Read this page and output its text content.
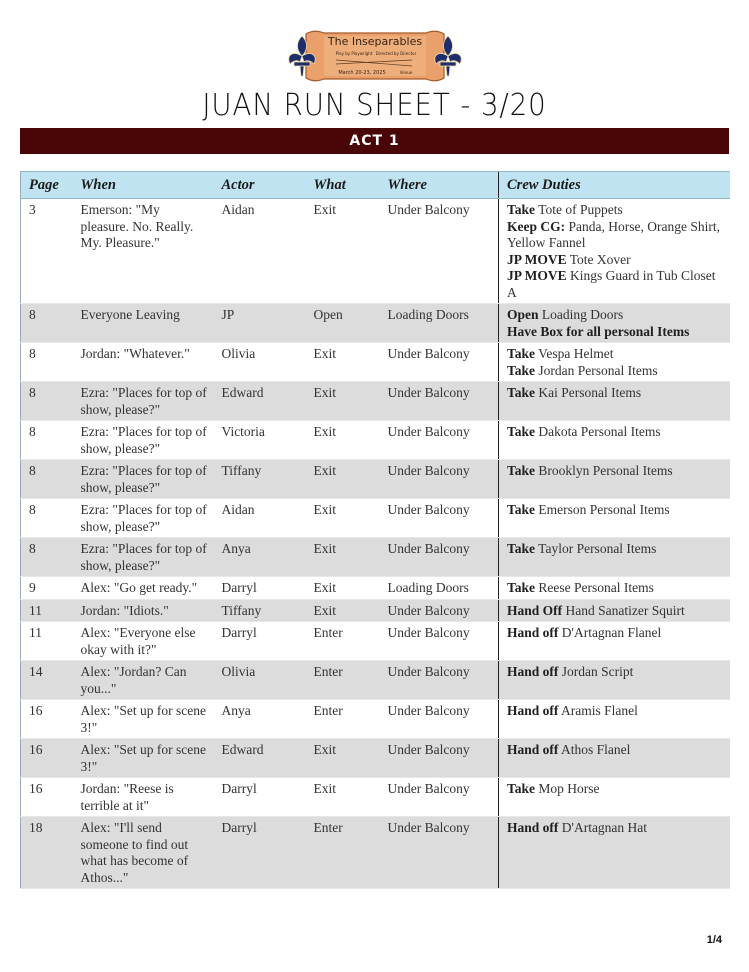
The Inseparables
Play by Playwright Directed by Director
March 20-23, 2025	Venue
JUAN RUN SHEET - 3/20
ACT 1
Page	When	Actor	What	Where	Crew Duties
3	Emerson: "My pleasure. No. Really. My. Pleasure."	Aidan	Exit	Under Balcony	Take Tote of Puppets
Keep CG: Panda, Horse, Orange Shirt, Yellow Fannel
JP MOVE Tote Xover
JP MOVE Kings Guard in Tub Closet A

8	Everyone Leaving	JP	Open	Loading Doors	Open Loading Doors
Have Box for all personal Items

8	Jordan: "Whatever."	Olivia	Exit	Under Balcony	Take Vespa Helmet
Take Jordan Personal Items

8	Ezra: "Places for top of show, please?"	Edward	Exit	Under Balcony	Take Kai Personal Items

8	Ezra: "Places for top of show, please?"	Victoria	Exit	Under Balcony	Take Dakota Personal Items

8	Ezra: "Places for top of show, please?"	Tiffany	Exit	Under Balcony	Take Brooklyn Personal Items

8	Ezra: "Places for top of show, please?"	Aidan	Exit	Under Balcony	Take Emerson Personal Items

8	Ezra: "Places for top of show, please?"	Anya	Exit	Under Balcony	Take Taylor Personal Items

9	Alex: "Go get ready."	Darryl	Exit	Loading Doors	Take Reese Personal Items

11	Jordan: "Idiots."	Tiffany	Exit	Under Balcony	Hand Off Hand Sanatizer Squirt

11	Alex: "Everyone else okay with it?"	Darryl	Enter	Under Balcony	Hand off D'Artagnan Flanel

14	Alex: "Jordan? Can you..."	Olivia	Enter	Under Balcony	Hand off Jordan Script

16	Alex: "Set up for scene 3!"	Anya	Enter	Under Balcony	Hand off Aramis Flanel

16	Alex: "Set up for scene 3!"	Edward	Exit	Under Balcony	Hand off Athos Flanel

16	Jordan: "Reese is terrible at it"	Darryl	Exit	Under Balcony	Take Mop Horse

18	Alex: "I'll send someone to find out what has become of Athos..."	Darryl	Enter	Under Balcony	Hand off D'Artagnan Hat
1/4
